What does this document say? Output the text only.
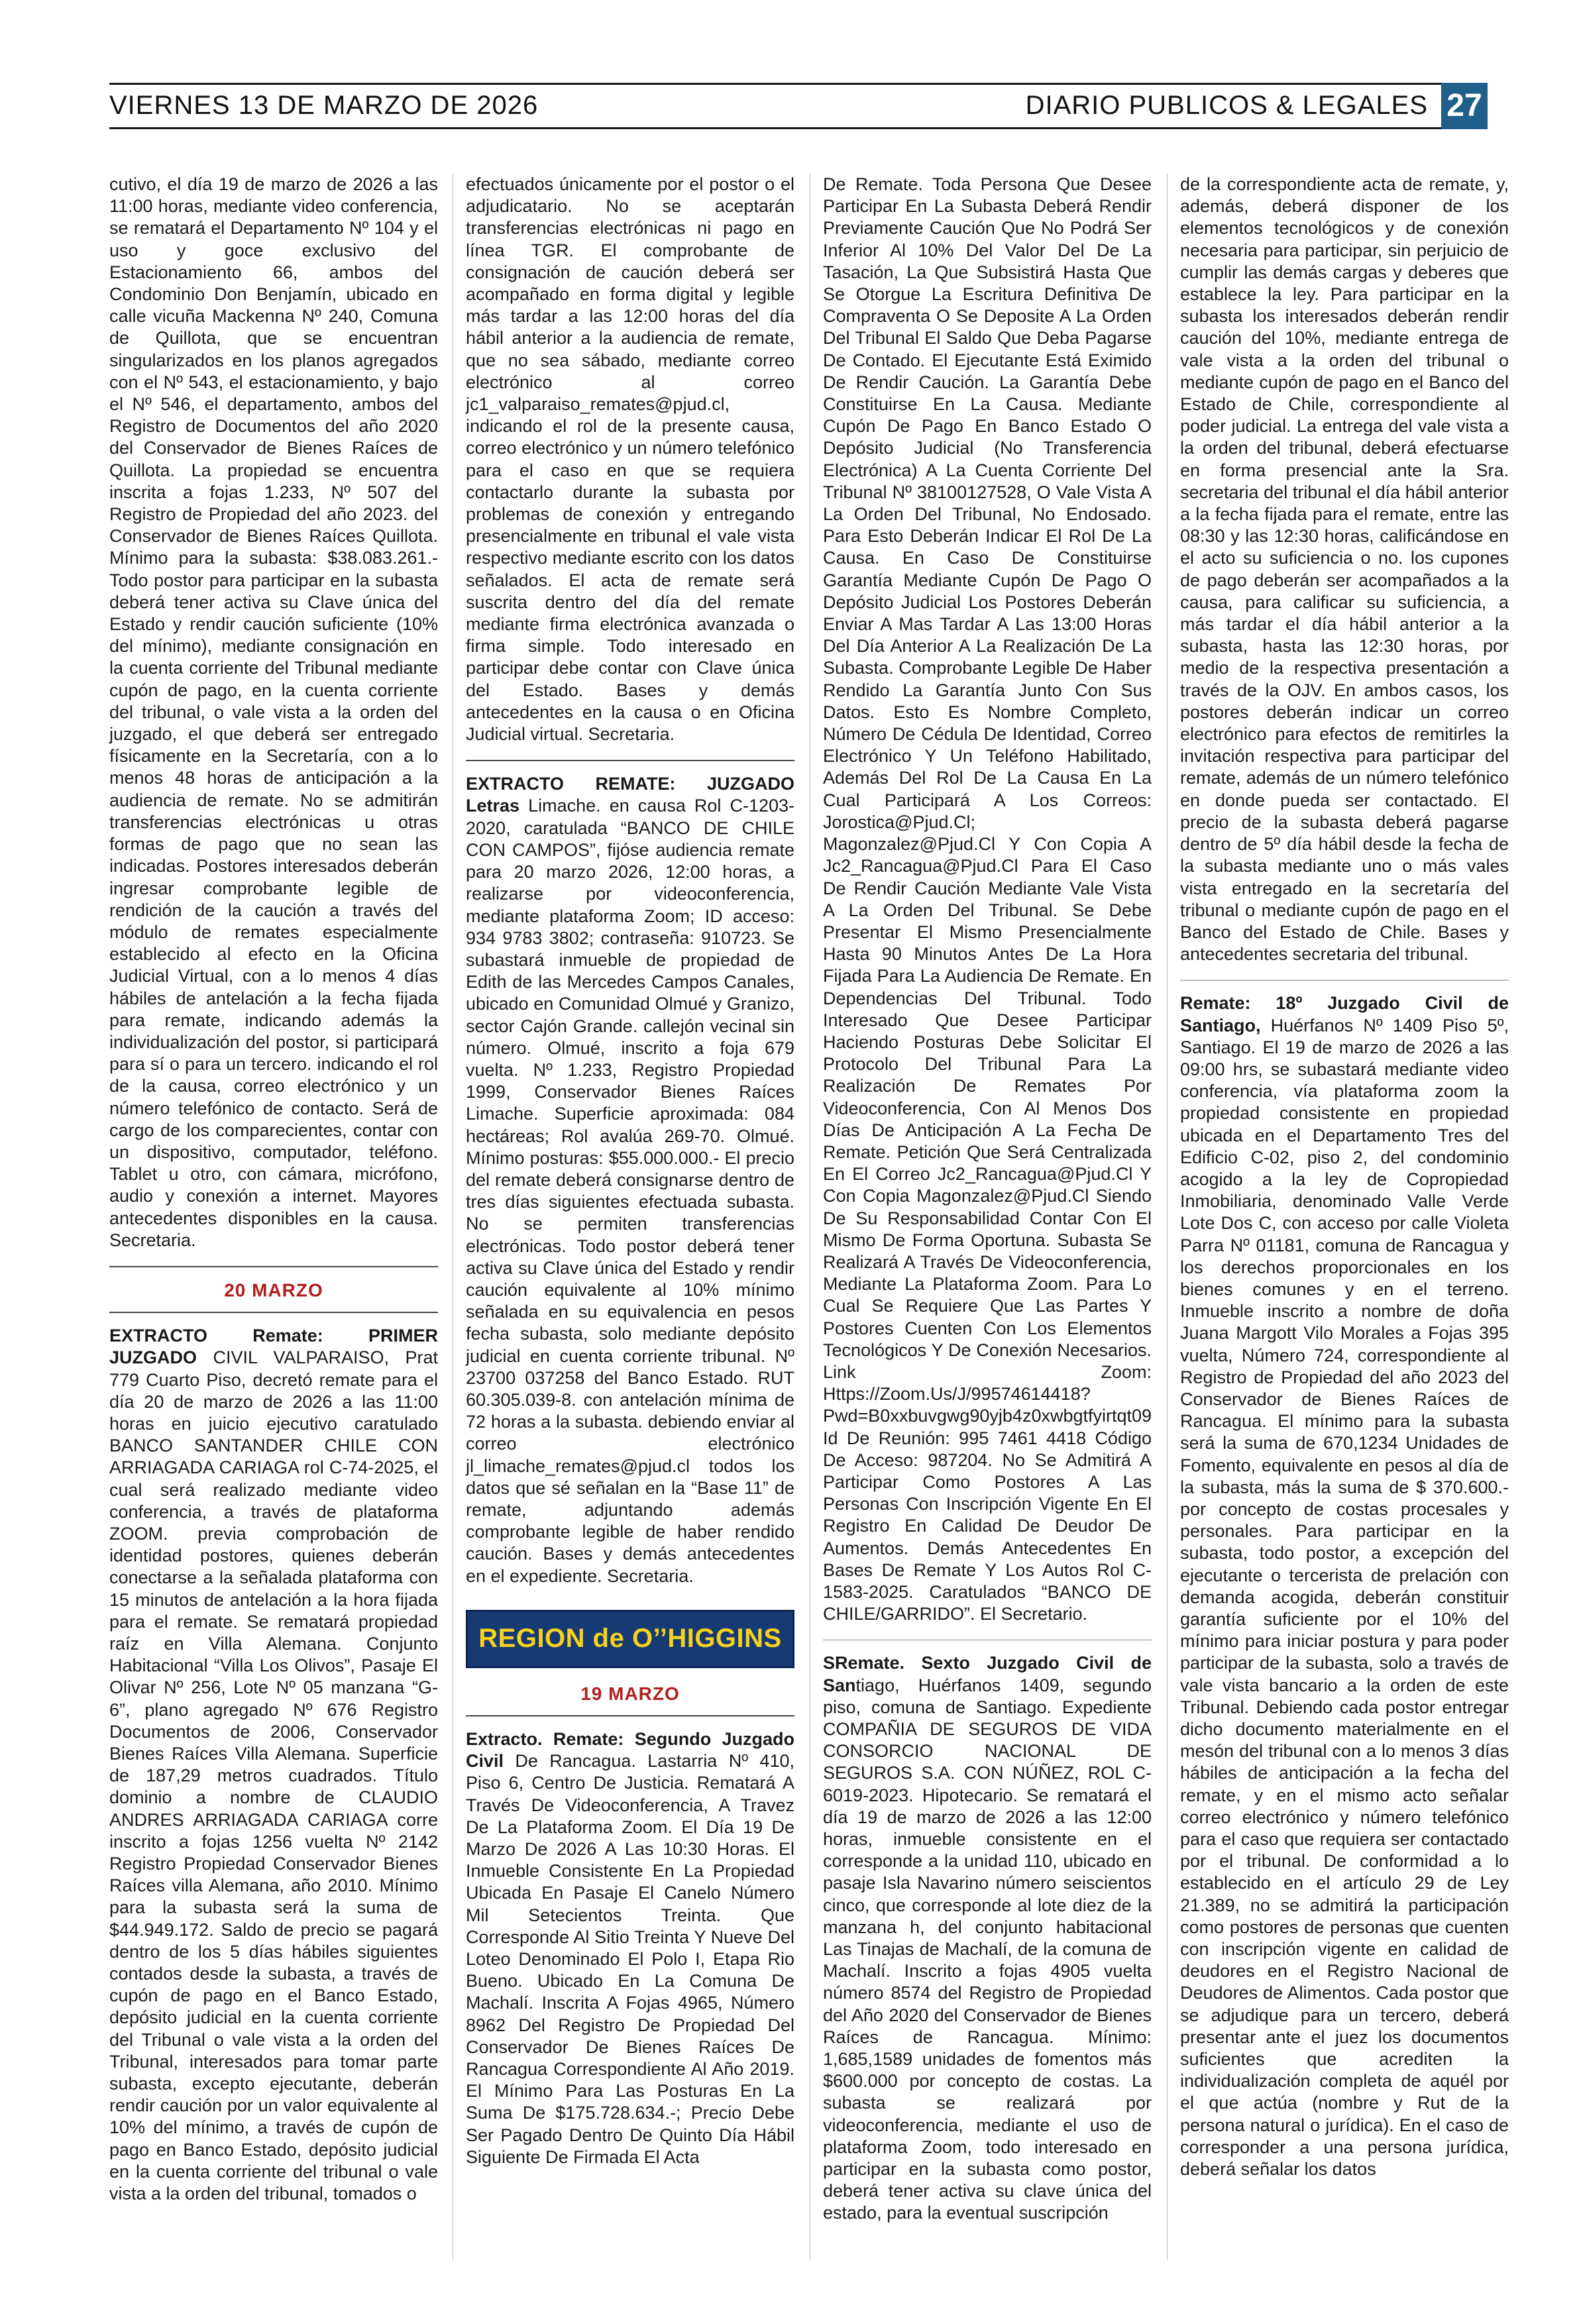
VIERNES 13 DE MARZO DE 2026	DIARIO PUBLICOS & LEGALES 27

cutivo, el día 19 de marzo de 2026 a las 11:00 horas, mediante video conferencia, se rematará el Departamento Nº 104 y el uso y goce exclusivo del Estacionamiento 66, ambos del Condominio Don Benjamín, ubicado en calle vicuña Mackenna Nº 240, Comuna de Quillota, que se encuentran singularizados en los planos agregados con el Nº 543, el estacionamiento, y bajo el Nº 546, el departamento, ambos del Registro de Documentos del año 2020 del Conservador de Bienes Raíces de Quillota. La propiedad se encuentra inscrita a fojas 1.233, Nº 507 del Registro de Propiedad del año 2023. del Conservador de Bienes Raíces Quillota. Mínimo para la subasta: $38.083.261.- Todo postor para participar en la subasta deberá tener activa su Clave única del Estado y rendir caución suficiente (10% del mínimo), mediante consignación en la cuenta corriente del Tribunal mediante cupón de pago, en la cuenta corriente del tribunal, o vale vista a la orden del juzgado, el que deberá ser entregado físicamente en la Secretaría, con a lo menos 48 horas de anticipación a la audiencia de remate. No se admitirán transferencias electrónicas u otras formas de pago que no sean las indicadas. Postores interesados deberán ingresar comprobante legible de rendición de la caución a través del módulo de remates especialmente establecido al efecto en la Oficina Judicial Virtual, con a lo menos 4 días hábiles de antelación a la fecha fijada para remate, indicando además la individualización del postor, si participará para sí o para un tercero. indicando el rol de la causa, correo electrónico y un número telefónico de contacto. Será de cargo de los comparecientes, contar con un dispositivo, computador, teléfono. Tablet u otro, con cámara, micrófono, audio y conexión a internet. Mayores antecedentes disponibles en la causa. Secretaria.

20 MARZO

EXTRACTO Remate: PRIMER JUZGADO CIVIL VALPARAISO, Prat 779 Cuarto Piso, decretó remate para el día 20 de marzo de 2026 a las 11:00 horas en juicio ejecutivo caratulado BANCO SANTANDER CHILE CON ARRIAGADA CARIAGA rol C-74-2025, el cual será realizado mediante video conferencia, a través de plataforma ZOOM. previa comprobación de identidad postores, quienes deberán conectarse a la señalada plataforma con 15 minutos de antelación a la hora fijada para el remate. Se rematará propiedad raíz en Villa Alemana. Conjunto Habitacional “Villa Los Olivos”, Pasaje El Olivar Nº 256, Lote Nº 05 manzana “G-6”, plano agregado Nº 676 Registro Documentos de 2006, Conservador Bienes Raíces Villa Alemana. Superficie de 187,29 metros cuadrados. Título dominio a nombre de CLAUDIO ANDRES ARRIAGADA CARIAGA corre inscrito a fojas 1256 vuelta Nº 2142 Registro Propiedad Conservador Bienes Raíces villa Alemana, año 2010. Mínimo para la subasta será la suma de $44.949.172. Saldo de precio se pagará dentro de los 5 días hábiles siguientes contados desde la subasta, a través de cupón de pago en el Banco Estado, depósito judicial en la cuenta corriente del Tribunal o vale vista a la orden del Tribunal, interesados para tomar parte subasta, excepto ejecutante, deberán rendir caución por un valor equivalente al 10% del mínimo, a través de cupón de pago en Banco Estado, depósito judicial en la cuenta corriente del tribunal o vale vista a la orden del tribunal, tomados o

efectuados únicamente por el postor o el adjudicatario. No se aceptarán transferencias electrónicas ni pago en línea TGR. El comprobante de consignación de caución deberá ser acompañado en forma digital y legible más tardar a las 12:00 horas del día hábil anterior a la audiencia de remate, que no sea sábado, mediante correo electrónico al correo jc1_valparaiso_remates@pjud.cl, indicando el rol de la presente causa, correo electrónico y un número telefónico para el caso en que se requiera contactarlo durante la subasta por problemas de conexión y entregando presencialmente en tribunal el vale vista respectivo mediante escrito con los datos señalados. El acta de remate será suscrita dentro del día del remate mediante firma electrónica avanzada o firma simple. Todo interesado en participar debe contar con Clave única del Estado. Bases y demás antecedentes en la causa o en Oficina Judicial virtual. Secretaria.

EXTRACTO REMATE: JUZGADO Letras Limache. en causa Rol C-1203-2020, caratulada “BANCO DE CHILE CON CAMPOS”, fijóse audiencia remate para 20 marzo 2026, 12:00 horas, a realizarse por videoconferencia, mediante plataforma Zoom; ID acceso: 934 9783 3802; contraseña: 910723. Se subastará inmueble de propiedad de Edith de las Mercedes Campos Canales, ubicado en Comunidad Olmué y Granizo, sector Cajón Grande. callejón vecinal sin número. Olmué, inscrito a foja 679 vuelta. Nº 1.233, Registro Propiedad 1999, Conservador Bienes Raíces Limache. Superficie aproximada: 084 hectáreas; Rol avalúa 269-70. Olmué. Mínimo posturas: $55.000.000.- El precio del remate deberá consignarse dentro de tres días siguientes efectuada subasta. No se permiten transferencias electrónicas. Todo postor deberá tener activa su Clave única del Estado y rendir caución equivalente al 10% mínimo señalada en su equivalencia en pesos fecha subasta, solo mediante depósito judicial en cuenta corriente tribunal. Nº 23700 037258 del Banco Estado. RUT 60.305.039-8. con antelación mínima de 72 horas a la subasta. debiendo enviar al correo electrónico jl_limache_remates@pjud.cl todos los datos que sé señalan en la “Base 11” de remate, adjuntando además comprobante legible de haber rendido caución. Bases y demás antecedentes en el expediente. Secretaria.

REGION de O’’HIGGINS
19 MARZO

Extracto. Remate: Segundo Juzgado Civil De Rancagua. Lastarria Nº 410, Piso 6, Centro De Justicia. Rematará A Través De Videoconferencia, A Travez De La Plataforma Zoom. El Día 19 De Marzo De 2026 A Las 10:30 Horas. El Inmueble Consistente En La Propiedad Ubicada En Pasaje El Canelo Número Mil Setecientos Treinta. Que Corresponde Al Sitio Treinta Y Nueve Del Loteo Denominado El Polo I, Etapa Rio Bueno. Ubicado En La Comuna De Machalí. Inscrita A Fojas 4965, Número 8962 Del Registro De Propiedad Del Conservador De Bienes Raíces De Rancagua Correspondiente Al Año 2019. El Mínimo Para Las Posturas En La Suma De $175.728.634.-; Precio Debe Ser Pagado Dentro De Quinto Día Hábil Siguiente De Firmada El Acta

De Remate. Toda Persona Que Desee Participar En La Subasta Deberá Rendir Previamente Caución Que No Podrá Ser Inferior Al 10% Del Valor Del De La Tasación, La Que Subsistirá Hasta Que Se Otorgue La Escritura Definitiva De Compraventa O Se Deposite A La Orden Del Tribunal El Saldo Que Deba Pagarse De Contado. El Ejecutante Está Eximido De Rendir Caución. La Garantía Debe Constituirse En La Causa. Mediante Cupón De Pago En Banco Estado O Depósito Judicial (No Transferencia Electrónica) A La Cuenta Corriente Del Tribunal Nº 38100127528, O Vale Vista A La Orden Del Tribunal, No Endosado. Para Esto Deberán Indicar El Rol De La Causa. En Caso De Constituirse Garantía Mediante Cupón De Pago O Depósito Judicial Los Postores Deberán Enviar A Mas Tardar A Las 13:00 Horas Del Día Anterior A La Realización De La Subasta. Comprobante Legible De Haber Rendido La Garantía Junto Con Sus Datos. Esto Es Nombre Completo, Número De Cédula De Identidad, Correo Electrónico Y Un Teléfono Habilitado, Además Del Rol De La Causa En La Cual Participará A Los Correos: Jorostica@Pjud.Cl; Magonzalez@Pjud.Cl Y Con Copia A Jc2_Rancagua@Pjud.Cl Para El Caso De Rendir Caución Mediante Vale Vista A La Orden Del Tribunal. Se Debe Presentar El Mismo Presencialmente Hasta 90 Minutos Antes De La Hora Fijada Para La Audiencia De Remate. En Dependencias Del Tribunal. Todo Interesado Que Desee Participar Haciendo Posturas Debe Solicitar El Protocolo Del Tribunal Para La Realización De Remates Por Videoconferencia, Con Al Menos Dos Días De Anticipación A La Fecha De Remate. Petición Que Será Centralizada En El Correo Jc2_Rancagua@Pjud.Cl Y Con Copia Magonzalez@Pjud.Cl Siendo De Su Responsabilidad Contar Con El Mismo De Forma Oportuna. Subasta Se Realizará A Través De Videoconferencia, Mediante La Plataforma Zoom. Para Lo Cual Se Requiere Que Las Partes Y Postores Cuenten Con Los Elementos Tecnológicos Y De Conexión Necesarios. Link Zoom: Https://Zoom.Us/J/99574614418?Pwd=B0xxbuvgwg90yjb4z0xwbgtfyirtqt09 Id De Reunión: 995 7461 4418 Código De Acceso: 987204. No Se Admitirá A Participar Como Postores A Las Personas Con Inscripción Vigente En El Registro En Calidad De Deudor De Aumentos. Demás Antecedentes En Bases De Remate Y Los Autos Rol C-1583-2025. Caratulados “BANCO DE CHILE/GARRIDO”. El Secretario.

SRemate. Sexto Juzgado Civil de Santiago, Huérfanos 1409, segundo piso, comuna de Santiago. Expediente COMPAÑIA DE SEGUROS DE VIDA CONSORCIO NACIONAL DE SEGUROS S.A. CON NÚÑEZ, ROL C-6019-2023. Hipotecario. Se rematará el día 19 de marzo de 2026 a las 12:00 horas, inmueble consistente en el corresponde a la unidad 110, ubicado en pasaje Isla Navarino número seiscientos cinco, que corresponde al lote diez de la manzana h, del conjunto habitacional Las Tinajas de Machalí, de la comuna de Machalí. Inscrito a fojas 4905 vuelta número 8574 del Registro de Propiedad del Año 2020 del Conservador de Bienes Raíces de Rancagua. Mínimo: 1,685,1589 unidades de fomentos más $600.000 por concepto de costas. La subasta se realizará por videoconferencia, mediante el uso de plataforma Zoom, todo interesado en participar en la subasta como postor, deberá tener activa su clave única del estado, para la eventual suscripción

de la correspondiente acta de remate, y, además, deberá disponer de los elementos tecnológicos y de conexión necesaria para participar, sin perjuicio de cumplir las demás cargas y deberes que establece la ley. Para participar en la subasta los interesados deberán rendir caución del 10%, mediante entrega de vale vista a la orden del tribunal o mediante cupón de pago en el Banco del Estado de Chile, correspondiente al poder judicial. La entrega del vale vista a la orden del tribunal, deberá efectuarse en forma presencial ante la Sra. secretaria del tribunal el día hábil anterior a la fecha fijada para el remate, entre las 08:30 y las 12:30 horas, calificándose en el acto su suficiencia o no. los cupones de pago deberán ser acompañados a la causa, para calificar su suficiencia, a más tardar el día hábil anterior a la subasta, hasta las 12:30 horas, por medio de la respectiva presentación a través de la OJV. En ambos casos, los postores deberán indicar un correo electrónico para efectos de remitirles la invitación respectiva para participar del remate, además de un número telefónico en donde pueda ser contactado. El precio de la subasta deberá pagarse dentro de 5º día hábil desde la fecha de la subasta mediante uno o más vales vista entregado en la secretaría del tribunal o mediante cupón de pago en el Banco del Estado de Chile. Bases y antecedentes secretaria del tribunal.

Remate: 18º Juzgado Civil de Santiago, Huérfanos Nº 1409 Piso 5º, Santiago. El 19 de marzo de 2026 a las 09:00 hrs, se subastará mediante video conferencia, vía plataforma zoom la propiedad consistente en propiedad ubicada en el Departamento Tres del Edificio C-02, piso 2, del condominio acogido a la ley de Copropiedad Inmobiliaria, denominado Valle Verde Lote Dos C, con acceso por calle Violeta Parra Nº 01181, comuna de Rancagua y los derechos proporcionales en los bienes comunes y en el terreno. Inmueble inscrito a nombre de doña Juana Margott Vilo Morales a Fojas 395 vuelta, Número 724, correspondiente al Registro de Propiedad del año 2023 del Conservador de Bienes Raíces de Rancagua. El mínimo para la subasta será la suma de 670,1234 Unidades de Fomento, equivalente en pesos al día de la subasta, más la suma de $ 370.600.- por concepto de costas procesales y personales. Para participar en la subasta, todo postor, a excepción del ejecutante o tercerista de prelación con demanda acogida, deberán constituir garantía suficiente por el 10% del mínimo para iniciar postura y para poder participar de la subasta, solo a través de vale vista bancario a la orden de este Tribunal. Debiendo cada postor entregar dicho documento materialmente en el mesón del tribunal con a lo menos 3 días hábiles de anticipación a la fecha del remate, y en el mismo acto señalar correo electrónico y número telefónico para el caso que requiera ser contactado por el tribunal. De conformidad a lo establecido en el artículo 29 de Ley 21.389, no se admitirá la participación como postores de personas que cuenten con inscripción vigente en calidad de deudores en el Registro Nacional de Deudores de Alimentos. Cada postor que se adjudique para un tercero, deberá presentar ante el juez los documentos suficientes que acrediten la individualización completa de aquél por el que actúa (nombre y Rut de la persona natural o jurídica). En el caso de corresponder a una persona jurídica, deberá señalar los datos
